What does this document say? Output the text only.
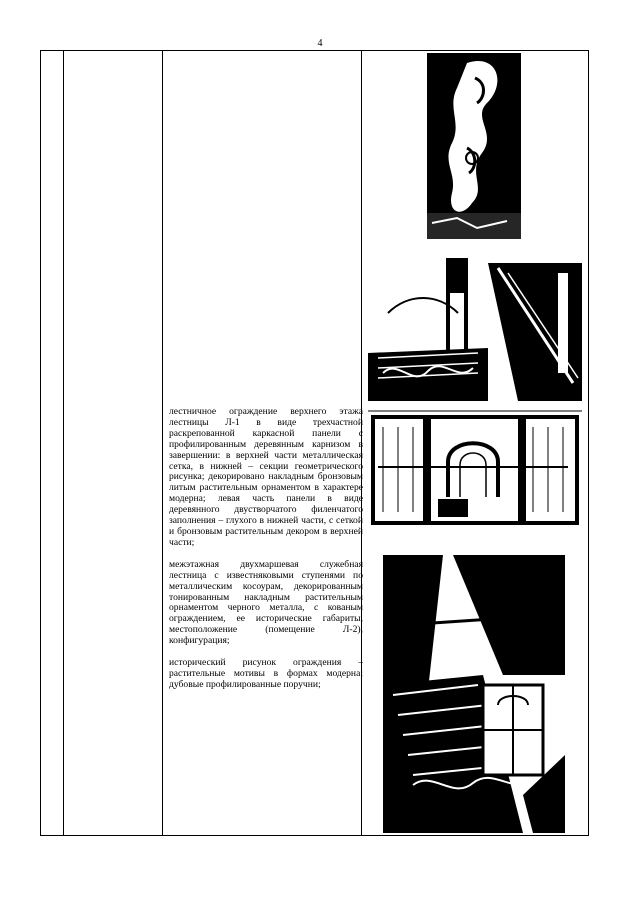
4

лестничное ограждение верхнего этажа лестницы Л-1 в виде трехчастной раскрепованной каркасной панели с профилированным деревянным карнизом в завершении: в верхней части металлическая сетка, в нижней – секции геометрического рисунка; декорировано накладным бронзовым литым растительным орнаментом в характере модерна; левая часть панели в виде деревянного двустворчатого филенчатого заполнения – глухого в нижней части, с сеткой и бронзовым растительным декором в верхней части;

межэтажная двухмаршевая служебная лестница с известняковыми ступенями по металлическим косоурам, декорированным тонированным накладным растительным орнаментом черного металла, с кованым ограждением, ее исторические габариты, местоположение (помещение Л-2), конфигурация;

исторический рисунок ограждения – растительные мотивы в формах модерна; дубовые профилированные поручни;
